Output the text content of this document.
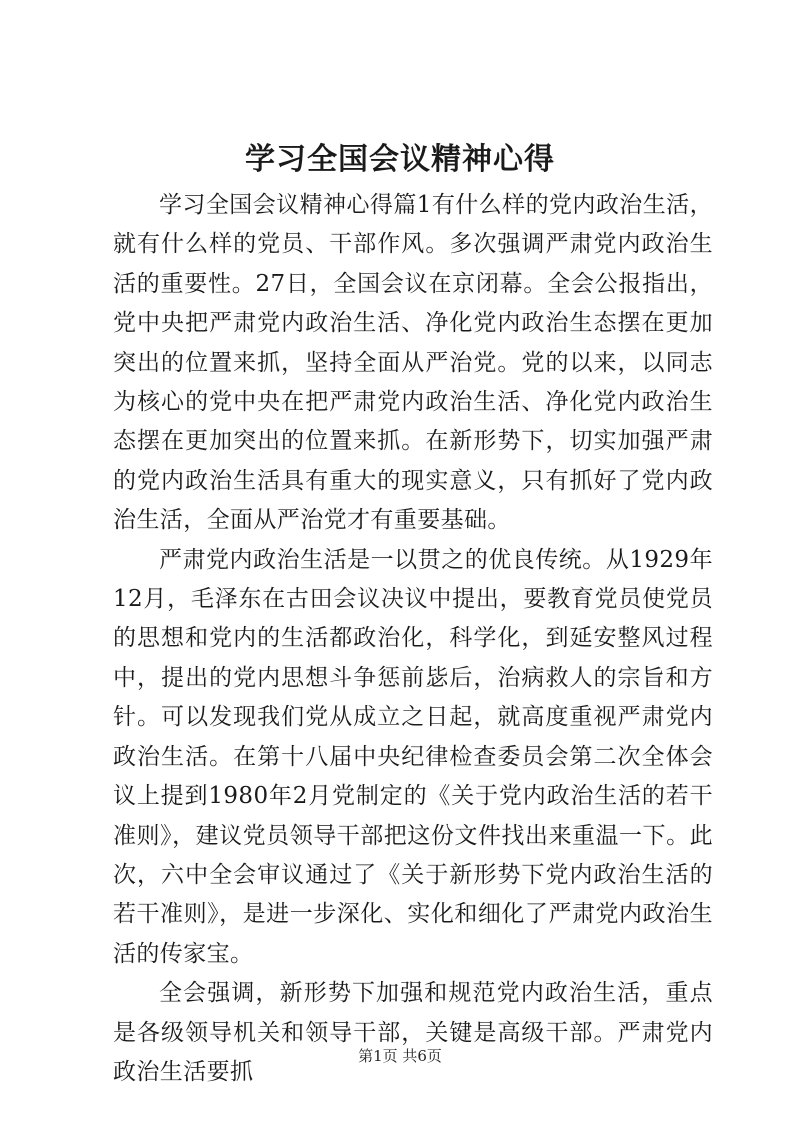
学习全国会议精神心得

学习全国会议精神心得篇1有什么样的党内政治生活，就有什么样的党员、干部作风。多次强调严肃党内政治生活的重要性。27日，全国会议在京闭幕。全会公报指出，党中央把严肃党内政治生活、净化党内政治生态摆在更加突出的位置来抓，坚持全面从严治党。党的以来，以同志为核心的党中央在把严肃党内政治生活、净化党内政治生态摆在更加突出的位置来抓。在新形势下，切实加强严肃的党内政治生活具有重大的现实意义，只有抓好了党内政治生活，全面从严治党才有重要基础。

严肃党内政治生活是一以贯之的优良传统。从1929年12月，毛泽东在古田会议决议中提出，要教育党员使党员的思想和党内的生活都政治化，科学化，到延安整风过程中，提出的党内思想斗争惩前毖后，治病救人的宗旨和方针。可以发现我们党从成立之日起，就高度重视严肃党内政治生活。在第十八届中央纪律检查委员会第二次全体会议上提到1980年2月党制定的《关于党内政治生活的若干准则》，建议党员领导干部把这份文件找出来重温一下。此次，六中全会审议通过了《关于新形势下党内政治生活的若干准则》，是进一步深化、实化和细化了严肃党内政治生活的传家宝。

全会强调，新形势下加强和规范党内政治生活，重点是各级领导机关和领导干部，关键是高级干部。严肃党内政治生活要抓

第1页 共6页
